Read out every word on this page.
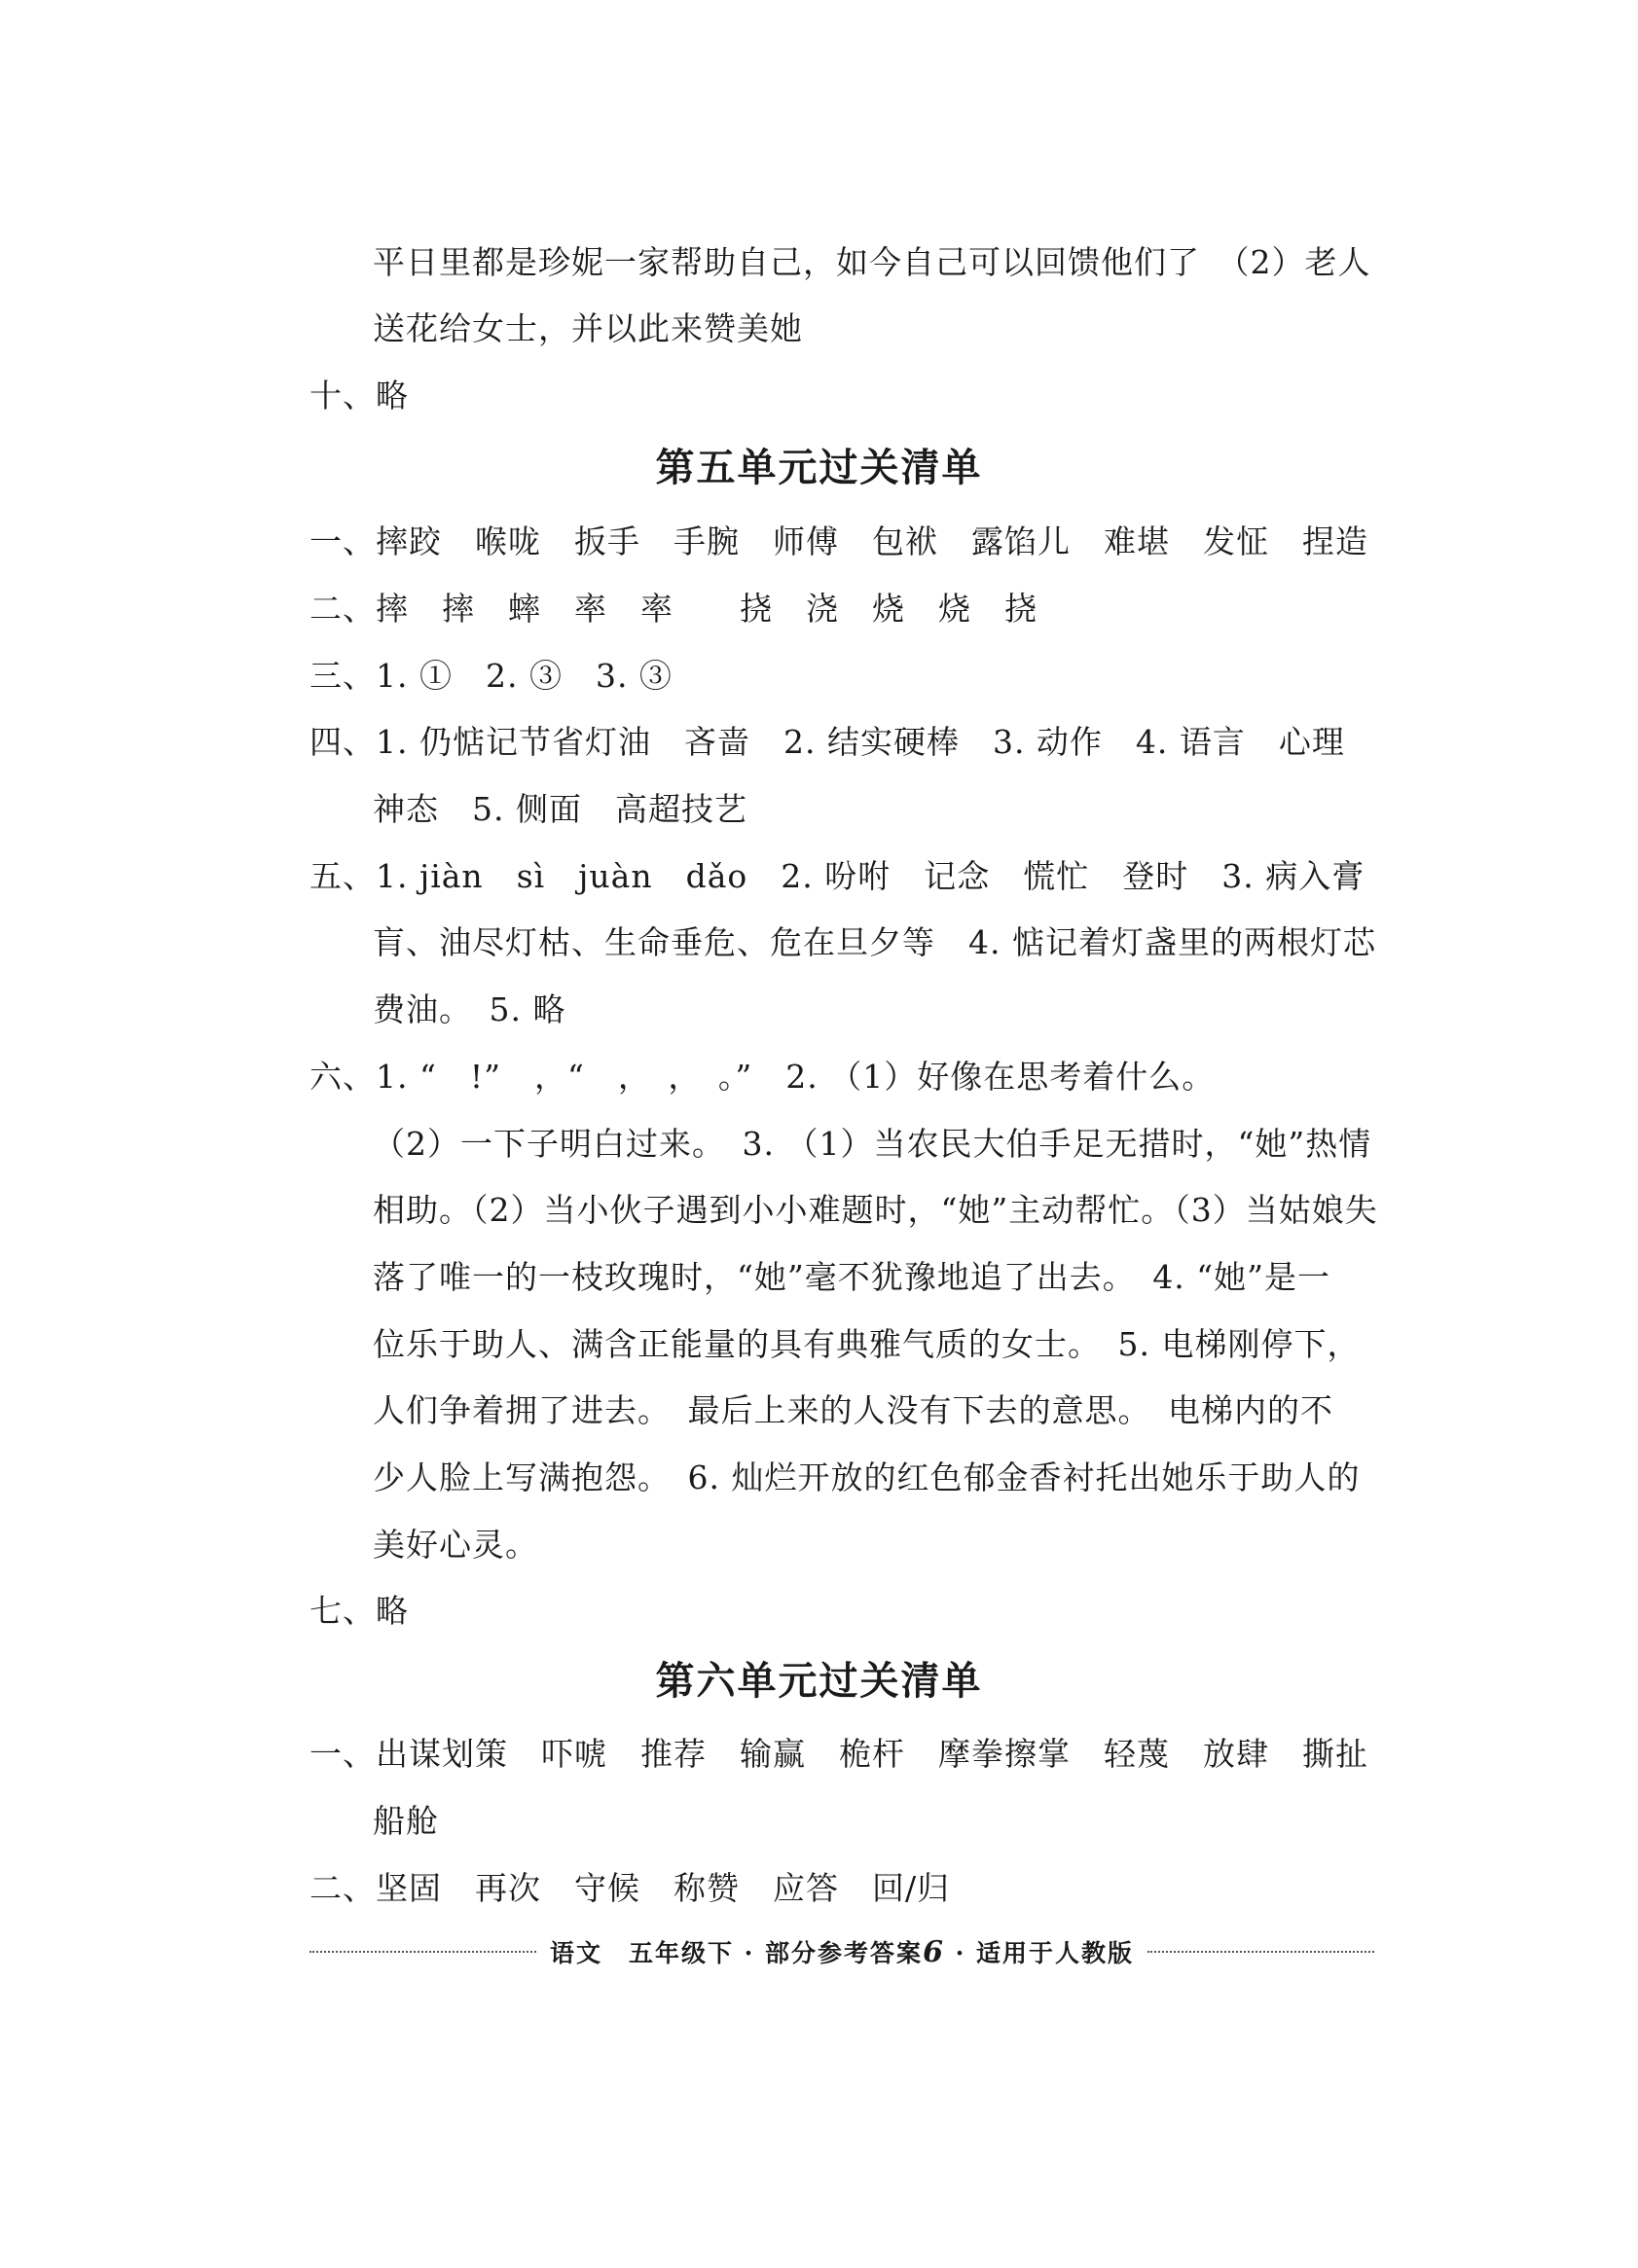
平日里都是珍妮一家帮助自己，如今自己可以回馈他们了　（2）老人
送花给女士，并以此来赞美她
十、略
第五单元过关清单
一、摔跤　喉咙　扳手　手腕　师傅　包袱　露馅儿　难堪　发怔　捏造
二、摔　摔　蟀　率　率　　挠　浇　烧　烧　挠
三、1. ①　2. ③　3. ③
四、1. 仍惦记节省灯油　吝啬　2. 结实硬棒　3. 动作　4. 语言　心理
神态　5. 侧面　高超技艺
五、1. jiàn　sì　juàn　dǎo　2. 吩咐　记念　慌忙　登时　3. 病入膏
肓、油尽灯枯、生命垂危、危在旦夕等　4. 惦记着灯盏里的两根灯芯
费油。　5. 略
六、1. “　!”　，“　，　，　。”　2. （1）好像在思考着什么。
（2）一下子明白过来。　3. （1）当农民大伯手足无措时，“她”热情
相助。（2）当小伙子遇到小小难题时，“她”主动帮忙。（3）当姑娘失
落了唯一的一枝玫瑰时，“她”毫不犹豫地追了出去。　4. “她”是一
位乐于助人、满含正能量的具有典雅气质的女士。　5. 电梯刚停下，
人们争着拥了进去。　最后上来的人没有下去的意思。　电梯内的不
少人脸上写满抱怨。　6. 灿烂开放的红色郁金香衬托出她乐于助人的
美好心灵。
七、略
第六单元过关清单
一、出谋划策　吓唬　推荐　输赢　桅杆　摩拳擦掌　轻蔑　放肆　撕扯
船舱
二、坚固　再次　守候　称赞　应答　回/归
语文　五年级下 · 部分参考答案6 · 适用于人教版
